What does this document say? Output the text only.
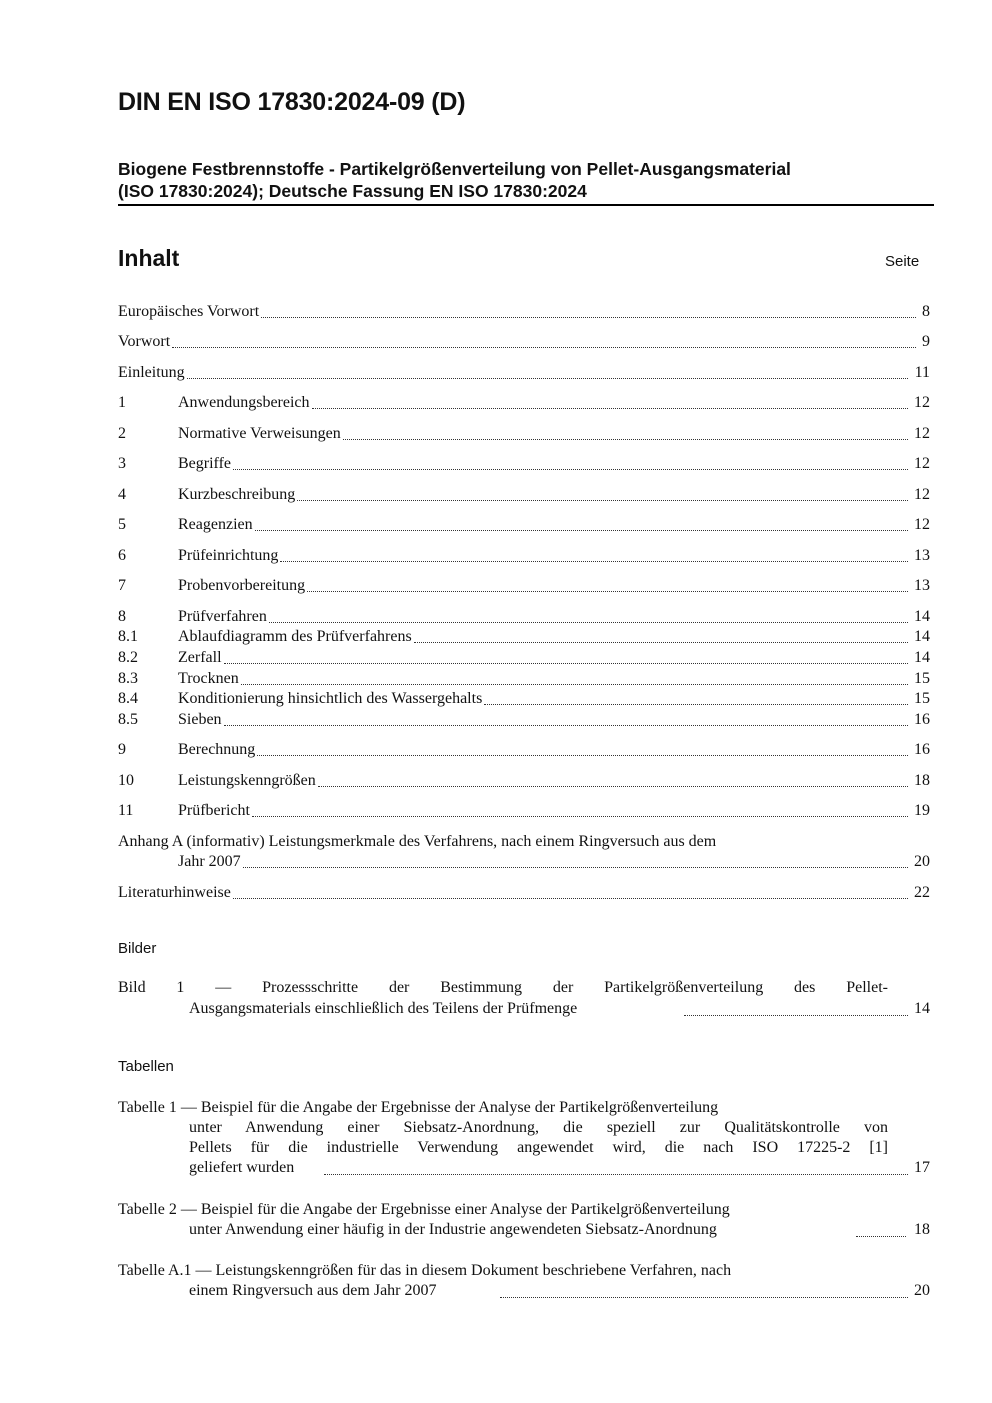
DIN EN ISO 17830:2024-09 (D)
Biogene Festbrennstoffe - Partikelgrößenverteilung von Pellet-Ausgangsmaterial
(ISO 17830:2024); Deutsche Fassung EN ISO 17830:2024
Inhalt	Seite
Europäisches Vorwort	8
Vorwort	9
Einleitung	11
1	Anwendungsbereich	12
2	Normative Verweisungen	12
3	Begriffe	12
4	Kurzbeschreibung	12
5	Reagenzien	12
6	Prüfeinrichtung	13
7	Probenvorbereitung	13
8	Prüfverfahren	14
8.1	Ablaufdiagramm des Prüfverfahrens	14
8.2	Zerfall	14
8.3	Trocknen	15
8.4	Konditionierung hinsichtlich des Wassergehalts	15
8.5	Sieben	16
9	Berechnung	16
10	Leistungskenngrößen	18
11	Prüfbericht	19
Anhang A (informativ) Leistungsmerkmale des Verfahrens, nach einem Ringversuch aus dem
Jahr 2007	20
Literaturhinweise	22
Bilder
Bild 1 — Prozessschritte der Bestimmung der Partikelgrößenverteilung des Pellet-
Ausgangsmaterials einschließlich des Teilens der Prüfmenge	14
Tabellen
Tabelle 1 — Beispiel für die Angabe der Ergebnisse der Analyse der Partikelgrößenverteilung
unter Anwendung einer Siebsatz-Anordnung, die speziell zur Qualitätskontrolle von
Pellets für die industrielle Verwendung angewendet wird, die nach ISO 17225-2 [1]
geliefert wurden	17
Tabelle 2 — Beispiel für die Angabe der Ergebnisse einer Analyse der Partikelgrößenverteilung
unter Anwendung einer häufig in der Industrie angewendeten Siebsatz-Anordnung	18
Tabelle A.1 — Leistungskenngrößen für das in diesem Dokument beschriebene Verfahren, nach
einem Ringversuch aus dem Jahr 2007	20
